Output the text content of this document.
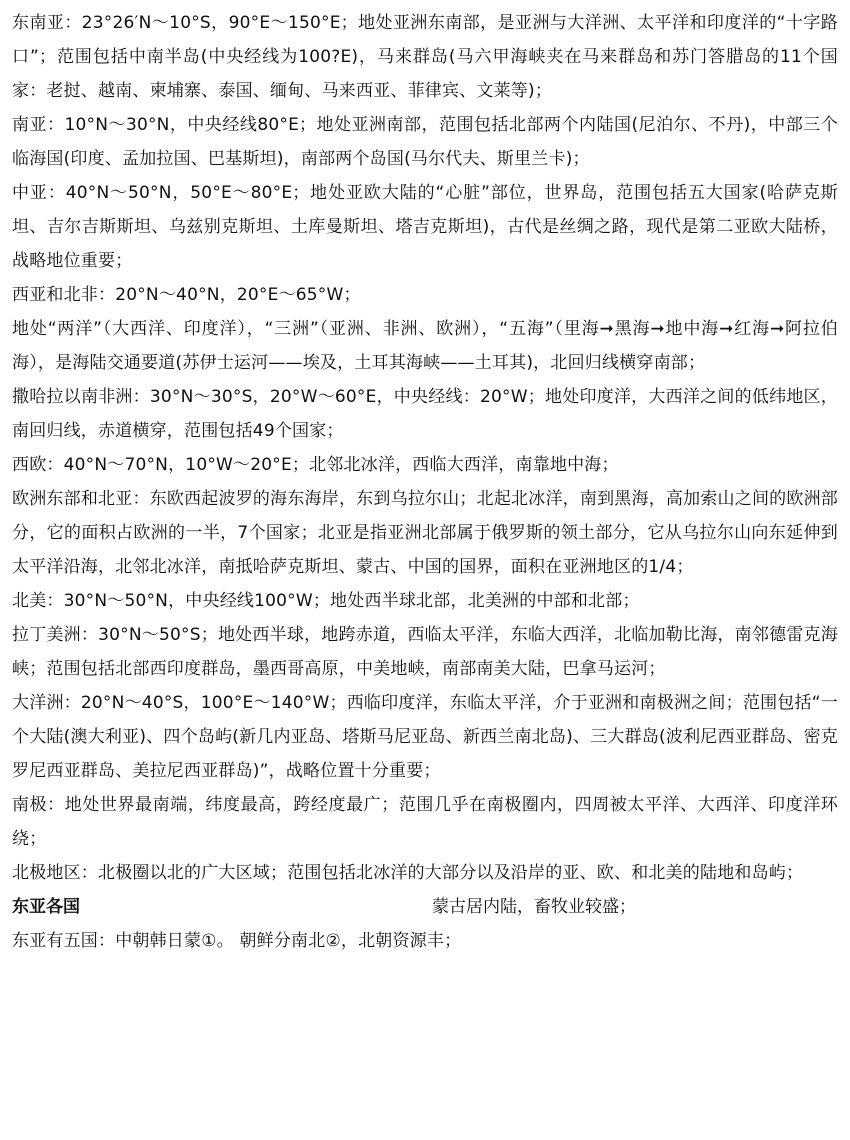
东南亚：23°26′N～10°S，90°E～150°E；地处亚洲东南部，是亚洲与大洋洲、太平洋和印度洋的“十字路口”；范围包括中南半岛(中央经线为100?E)，马来群岛(马六甲海峡夹在马来群岛和苏门答腊岛的11个国家：老挝、越南、柬埔寨、泰国、缅甸、马来西亚、菲律宾、文莱等)；

南亚：10°N～30°N，中央经线80°E；地处亚洲南部，范围包括北部两个内陆国(尼泊尔、不丹)，中部三个临海国(印度、孟加拉国、巴基斯坦)，南部两个岛国(马尔代夫、斯里兰卡)；

中亚：40°N～50°N，50°E～80°E；地处亚欧大陆的“心脏”部位，世界岛，范围包括五大国家(哈萨克斯坦、吉尔吉斯斯坦、乌兹别克斯坦、土库曼斯坦、塔吉克斯坦)，古代是丝绸之路，现代是第二亚欧大陆桥，战略地位重要；

西亚和北非：20°N～40°N，20°E～65°W；

地处“两洋”（大西洋、印度洋），“三洲”（亚洲、非洲、欧洲），“五海”（里海➞黑海➞地中海➞红海➞阿拉伯海），是海陆交通要道(苏伊士运河——埃及，土耳其海峡——土耳其)，北回归线横穿南部；

撒哈拉以南非洲：30°N～30°S，20°W～60°E，中央经线：20°W；地处印度洋，大西洋之间的低纬地区，南回归线，赤道横穿，范围包括49个国家；

西欧：40°N～70°N，10°W～20°E；北邻北冰洋，西临大西洋，南靠地中海；

欧洲东部和北亚：东欧西起波罗的海东海岸，东到乌拉尔山；北起北冰洋，南到黑海，高加索山之间的欧洲部分，它的面积占欧洲的一半，7个国家；北亚是指亚洲北部属于俄罗斯的领土部分，它从乌拉尔山向东延伸到太平洋沿海，北邻北冰洋，南抵哈萨克斯坦、蒙古、中国的国界，面积在亚洲地区的1/4；

北美：30°N～50°N，中央经线100°W；地处西半球北部，北美洲的中部和北部；

拉丁美洲：30°N～50°S；地处西半球，地跨赤道，西临太平洋，东临大西洋，北临加勒比海，南邻德雷克海峡；范围包括北部西印度群岛，墨西哥高原，中美地峡，南部南美大陆，巴拿马运河；

大洋洲：20°N～40°S，100°E～140°W；西临印度洋，东临太平洋，介于亚洲和南极洲之间；范围包括“一个大陆(澳大利亚)、四个岛屿(新几内亚岛、塔斯马尼亚岛、新西兰南北岛)、三大群岛(波利尼西亚群岛、密克罗尼西亚群岛、美拉尼西亚群岛)”，战略位置十分重要；

南极：地处世界最南端，纬度最高，跨经度最广；范围几乎在南极圈内，四周被太平洋、大西洋、印度洋环绕；

北极地区：北极圈以北的广大区域；范围包括北冰洋的大部分以及沿岸的亚、欧、和北美的陆地和岛屿；

东亚各国	蒙古居内陆，畜牧业较盛；

东亚有五国：中朝韩日蒙①。 朝鲜分南北②，北朝资源丰；
